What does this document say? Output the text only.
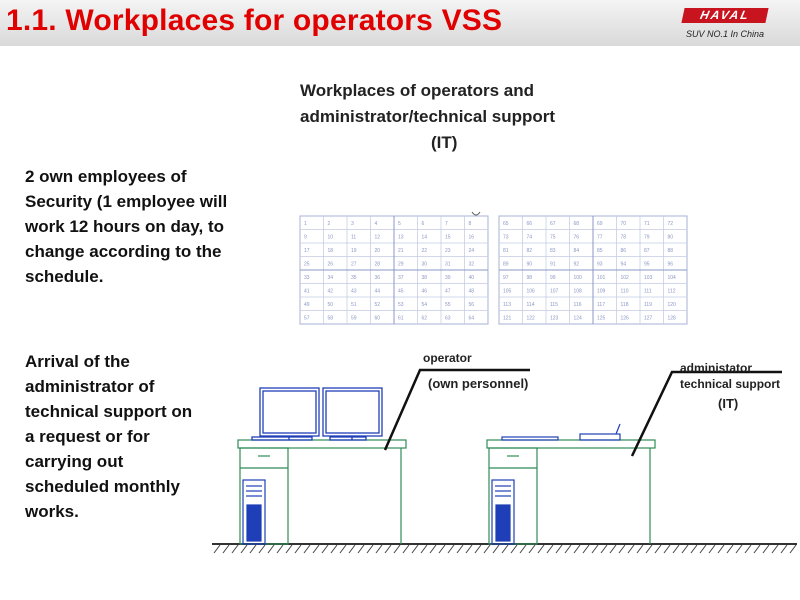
1.1. Workplaces for operators VSS	HAVAL
SUV NO.1 In China
Workplaces of operators and
administrator/technical support
(IT)
2 own employees of Security (1 employee will work 12 hours on day, to change according to the schedule.
Arrival of the administrator of technical support on a request or for carrying out scheduled monthly works.
1	2	3	4	5	6	7	8
9	10	11	12	13	14	15	16
17	18	19	20	21	22	23	24
25	26	27	28	29	30	31	32
33	34	35	36	37	38	39	40
41	42	43	44	45	46	47	48
49	50	51	52	53	54	55	56
57	58	59	60	61	62	63	64
65	66	67	68	69	70	71	72
73	74	75	76	77	78	79	80
81	82	83	84	85	86	87	88
89	90	91	92	93	94	95	96
97	98	99	100	101	102	103	104
105	106	107	108	109	110	111	112
113	114	115	116	117	118	119	120
121	122	123	124	125	126	127	128
operator
(own personnel)
administator
technical support
(IT)
